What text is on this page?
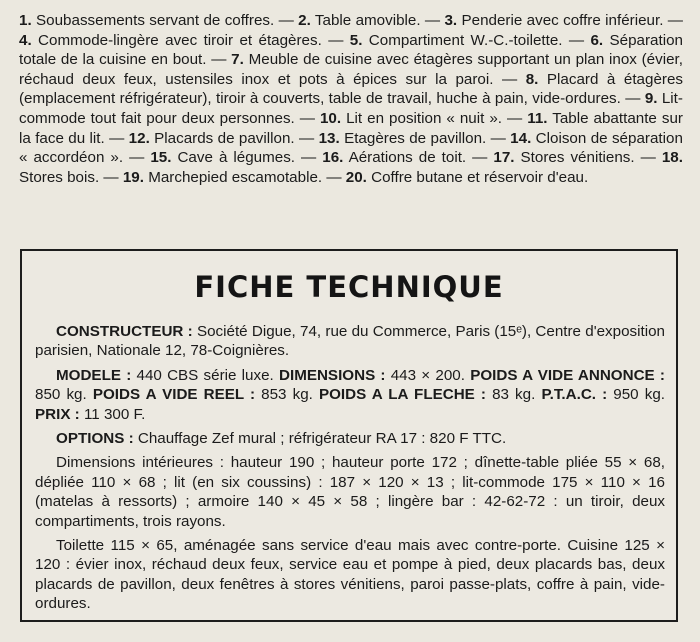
1. Soubassements servant de coffres. — 2. Table amovible. — 3. Penderie avec coffre inférieur. — 4. Commode-lingère avec tiroir et étagères. — 5. Compartiment W.-C.-toilette. — 6. Séparation totale de la cuisine en bout. — 7. Meuble de cuisine avec étagères supportant un plan inox (évier, réchaud deux feux, ustensiles inox et pots à épices sur la paroi. — 8. Placard à étagères (emplacement réfrigérateur), tiroir à couverts, table de travail, huche à pain, vide-ordures. — 9. Lit-commode tout fait pour deux personnes. — 10. Lit en position « nuit ». — 11. Table abattante sur la face du lit. — 12. Placards de pavillon. — 13. Etagères de pavillon. — 14. Cloison de séparation « accordéon ». — 15. Cave à légumes. — 16. Aérations de toit. — 17. Stores vénitiens. — 18. Stores bois. — 19. Marchepied escamotable. — 20. Coffre butane et réservoir d'eau.
FICHE TECHNIQUE

CONSTRUCTEUR : Société Digue, 74, rue du Commerce, Paris (15ᵉ), Centre d'exposition parisien, Nationale 12, 78-Coignières.

MODELE : 440 CBS série luxe. DIMENSIONS : 443 × 200. POIDS A VIDE ANNONCE : 850 kg. POIDS A VIDE REEL : 853 kg. POIDS A LA FLECHE : 83 kg. P.T.A.C. : 950 kg. PRIX : 11 300 F.

OPTIONS : Chauffage Zef mural ; réfrigérateur RA 17 : 820 F TTC.

Dimensions intérieures : hauteur 190 ; hauteur porte 172 ; dînette-table pliée 55 × 68, dépliée 110 × 68 ; lit (en six coussins) : 187 × 120 × 13 ; lit-commode 175 × 110 × 16 (matelas à ressorts) ; armoire 140 × 45 × 58 ; lingère bar : 42-62-72 : un tiroir, deux compartiments, trois rayons.

Toilette 115 × 65, aménagée sans service d'eau mais avec contre-porte. Cuisine 125 × 120 : évier inox, réchaud deux feux, service eau et pompe à pied, deux placards bas, deux placards de pavillon, deux fenêtres à stores vénitiens, paroi passe-plats, coffre à pain, vide-ordures.
